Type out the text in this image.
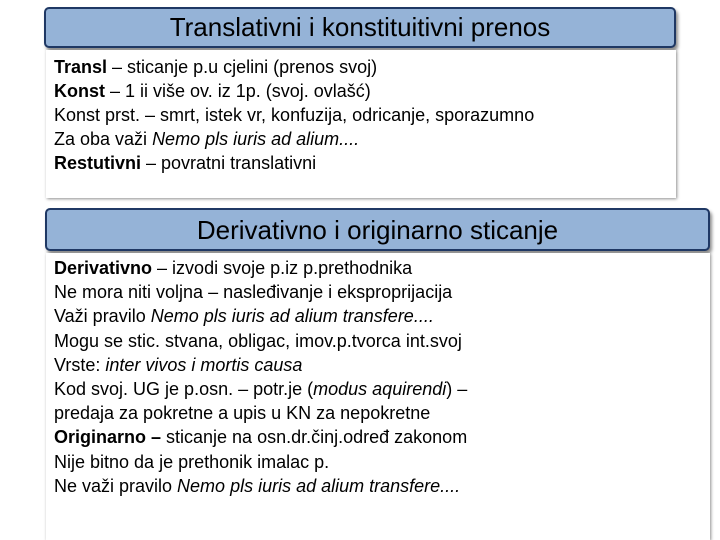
Translativni i konstituitivni prenos
Transl – sticanje p.u cjelini (prenos svoj)
Konst – 1 ii više ov. iz 1p. (svoj. ovlašć)
Konst prst. – smrt, istek vr, konfuzija, odricanje, sporazumno
Za oba važi Nemo pls iuris ad alium....
Restutivni – povratni translativni
Derivativno i originarno sticanje
Derivativno – izvodi svoje p.iz p.prethodnika
Ne mora niti voljna – nasleđivanje i eksproprijacija
Važi pravilo Nemo pls iuris ad alium transfere....
Mogu se stic. stvana, obligac, imov.p.tvorca int.svoj
Vrste: inter vivos i mortis causa
Kod svoj. UG je p.osn. – potr.je (modus aquirendi) –
predaja za pokretne a upis u KN za nepokretne
Originarno – sticanje na osn.dr.činj.određ zakonom
Nije bitno da je prethonik imalac p.
Ne važi pravilo Nemo pls iuris ad alium transfere....
